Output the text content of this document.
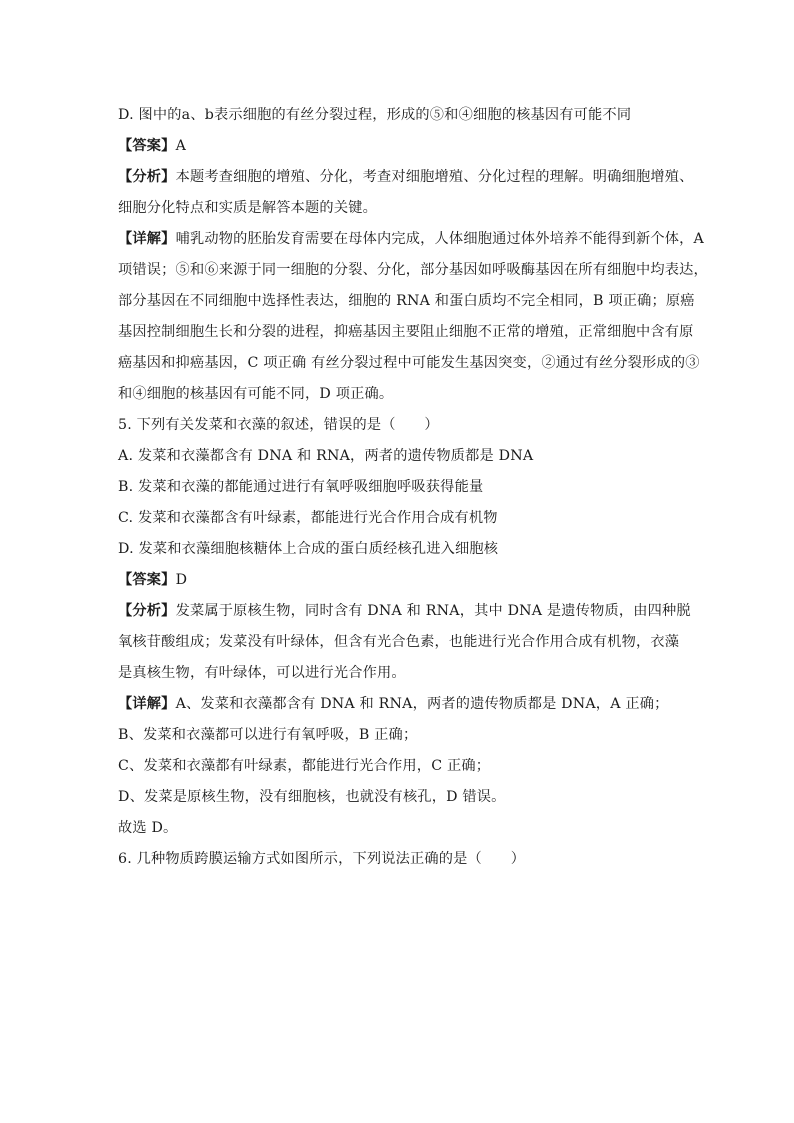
D. 图中的a、b表示细胞的有丝分裂过程，形成的⑤和④细胞的核基因有可能不同
【答案】A
【分析】本题考查细胞的增殖、分化，考查对细胞增殖、分化过程的理解。明确细胞增殖、
细胞分化特点和实质是解答本题的关键。
【详解】哺乳动物的胚胎发育需要在母体内完成，人体细胞通过体外培养不能得到新个体，A
项错误；⑤和⑥来源于同一细胞的分裂、分化，部分基因如呼吸酶基因在所有细胞中均表达，
部分基因在不同细胞中选择性表达，细胞的 RNA 和蛋白质均不完全相同，B 项正确；原癌
基因控制细胞生长和分裂的进程，抑癌基因主要阻止细胞不正常的增殖，正常细胞中含有原
癌基因和抑癌基因，C 项正确 有丝分裂过程中可能发生基因突变，②通过有丝分裂形成的③
和④细胞的核基因有可能不同，D 项正确。
5. 下列有关发菜和衣藻的叙述，错误的是（　　）
A. 发菜和衣藻都含有 DNA 和 RNA，两者的遗传物质都是 DNA
B. 发菜和衣藻的都能通过进行有氧呼吸细胞呼吸获得能量
C. 发菜和衣藻都含有叶绿素，都能进行光合作用合成有机物
D. 发菜和衣藻细胞核糖体上合成的蛋白质经核孔进入细胞核
【答案】D
【分析】发菜属于原核生物，同时含有 DNA 和 RNA，其中 DNA 是遗传物质，由四种脱
氧核苷酸组成；发菜没有叶绿体，但含有光合色素，也能进行光合作用合成有机物，衣藻
是真核生物，有叶绿体，可以进行光合作用。
【详解】A、发菜和衣藻都含有 DNA 和 RNA，两者的遗传物质都是 DNA，A 正确；
B、发菜和衣藻都可以进行有氧呼吸，B 正确；
C、发菜和衣藻都有叶绿素，都能进行光合作用，C 正确；
D、发菜是原核生物，没有细胞核，也就没有核孔，D 错误。
故选 D。
6. 几种物质跨膜运输方式如图所示，下列说法正确的是（　　）
